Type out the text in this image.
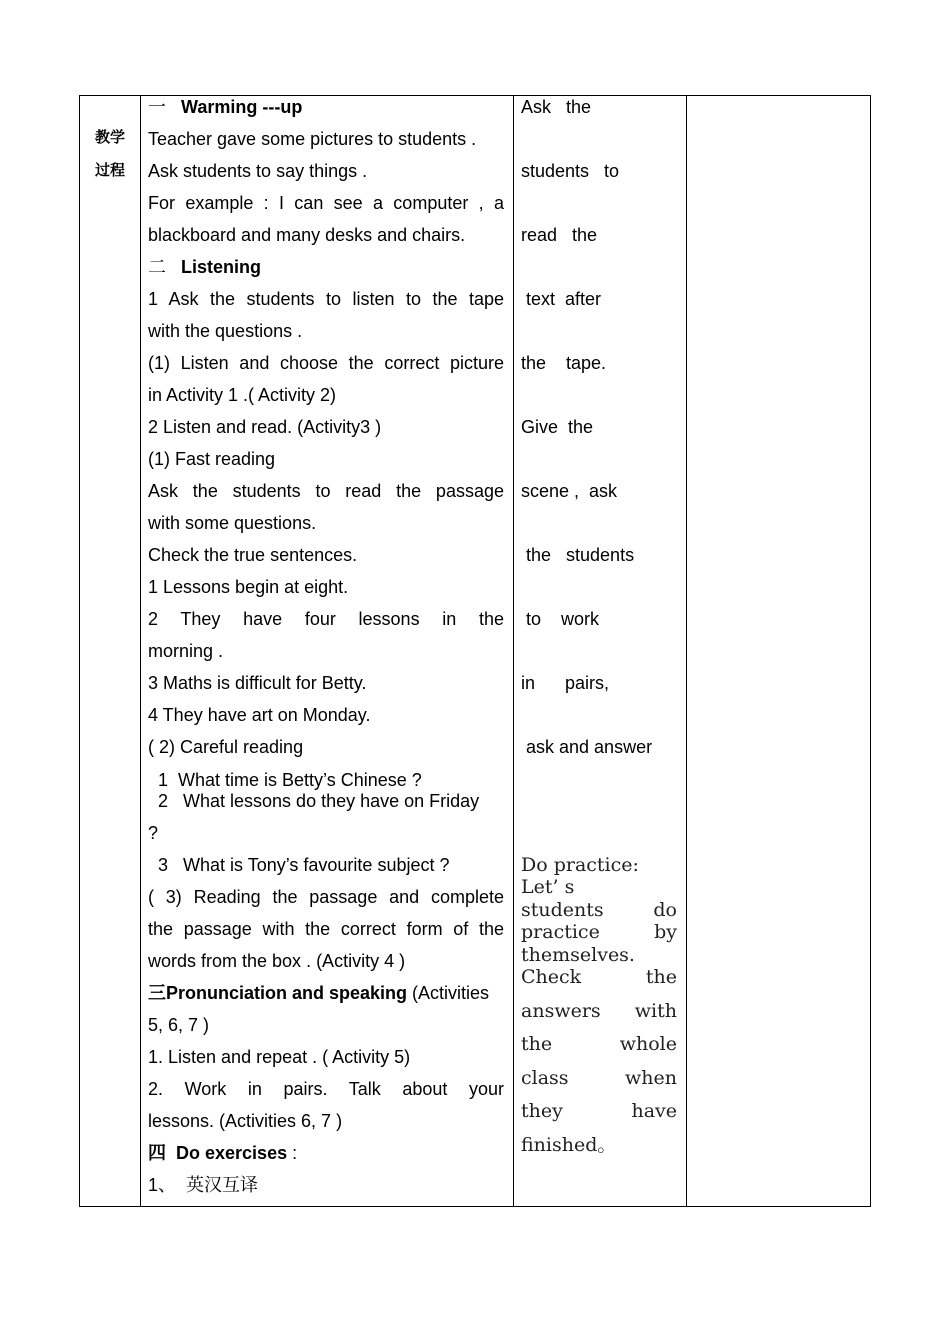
教学
过程
一 Warming ---up
Teacher gave some pictures to students .
Ask students to say things .
For example : I can see a computer , a
blackboard and many desks and chairs.
二 Listening
1 Ask the students to listen to the tape
with the questions .
(1) Listen and choose the correct picture
in Activity 1 .( Activity 2)
2 Listen and read. (Activity3 )
(1) Fast reading
Ask the students to read the passage
with some questions.
Check the true sentences.
1 Lessons begin at eight.
2 They have four lessons in the
morning .
3 Maths is difficult for Betty.
4 They have art on Monday.
( 2) Careful reading
1  What time is Betty’s Chinese ?
2   What lessons do they have on Friday
?
3   What is Tony’s favourite subject ?
( 3) Reading the passage and complete
the passage with the correct form of the
words from the box . (Activity 4 )
三Pronunciation and speaking (Activities
5, 6, 7 )
1. Listen and repeat . ( Activity 5)
2. Work in pairs. Talk about your
lessons. (Activities 6, 7 )
四 Do exercises :
1、 英汉互译
Ask   the
students   to
read   the
text  after
the    tape.
Give  the
scene ,  ask
the   students
to    work
in      pairs,
ask and answer
Do practice:
Let’ s
students do
practice by
themselves.
Check the
answers with
the whole
class when
they have
finished。
